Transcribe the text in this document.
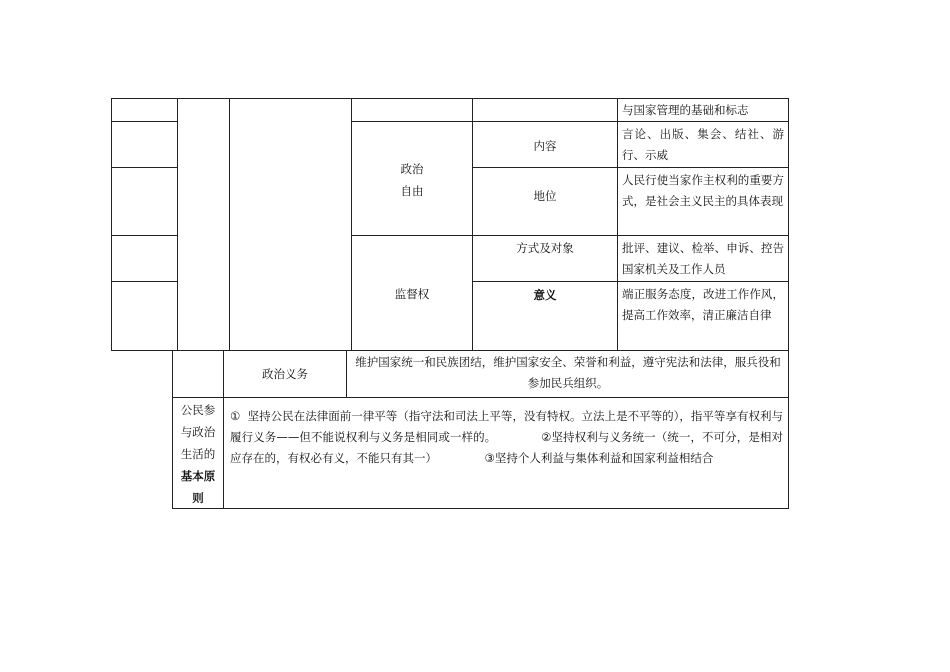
与国家管理的基础和标志
政治
自由
内容
言论、出版、集会、结社、游行、示威
地位
人民行使当家作主权利的重要方式，是社会主义民主的具体表现
监督权
方式及对象	批评、建议、检举、申诉、控告国家机关及工作人员
意义	端正服务态度，改进工作作风，提高工作效率，清正廉洁自律
政治义务
维护国家统一和民族团结，维护国家安全、荣誉和利益，遵守宪法和法律，服兵役和参加民兵组织。
公民参
与政治
生活的
基本原
则
①  坚持公民在法律面前一律平等（指守法和司法上平等，没有特权。立法上是不平等的），指平等享有权利与履行义务——但不能说权利与义务是相同或一样的。            ②坚持权利与义务统一（统一，不可分，是相对应存在的，有权必有义，不能只有其一）             ③坚持个人利益与集体利益和国家利益相结合
